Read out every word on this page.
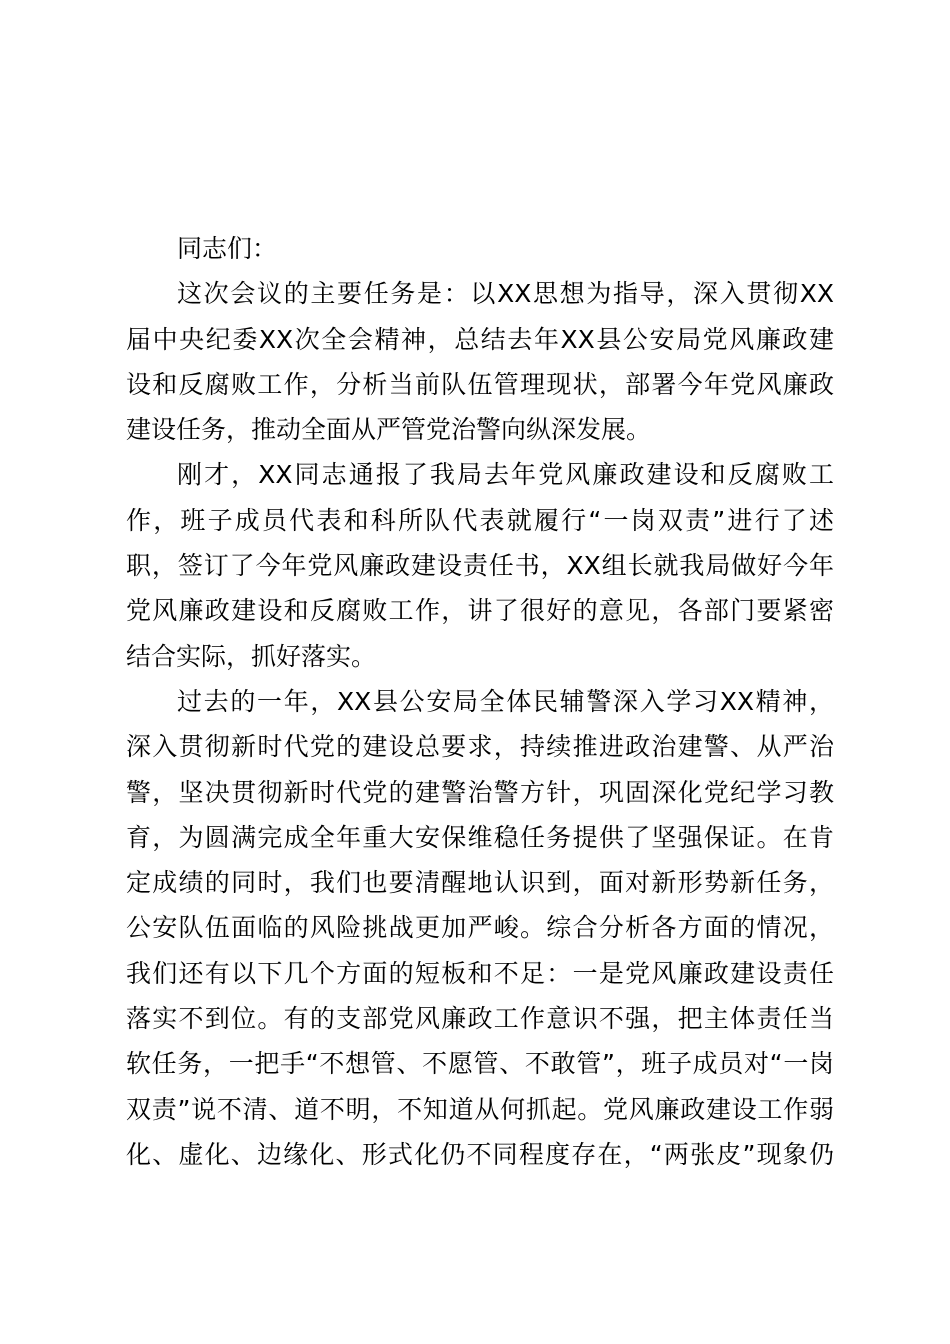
同志们：
这次会议的主要任务是：以XX思想为指导，深入贯彻XX
届中央纪委XX次全会精神，总结去年XX县公安局党风廉政建
设和反腐败工作，分析当前队伍管理现状，部署今年党风廉政
建设任务，推动全面从严管党治警向纵深发展。
刚才，XX同志通报了我局去年党风廉政建设和反腐败工
作，班子成员代表和科所队代表就履行“一岗双责”进行了述
职，签订了今年党风廉政建设责任书，XX组长就我局做好今年
党风廉政建设和反腐败工作，讲了很好的意见，各部门要紧密
结合实际，抓好落实。
过去的一年，XX县公安局全体民辅警深入学习XX精神，
深入贯彻新时代党的建设总要求，持续推进政治建警、从严治
警，坚决贯彻新时代党的建警治警方针，巩固深化党纪学习教
育，为圆满完成全年重大安保维稳任务提供了坚强保证。在肯
定成绩的同时，我们也要清醒地认识到，面对新形势新任务，
公安队伍面临的风险挑战更加严峻。综合分析各方面的情况，
我们还有以下几个方面的短板和不足：一是党风廉政建设责任
落实不到位。有的支部党风廉政工作意识不强，把主体责任当
软任务，一把手“不想管、不愿管、不敢管”，班子成员对“一岗
双责”说不清、道不明，不知道从何抓起。党风廉政建设工作弱
化、虚化、边缘化、形式化仍不同程度存在，“两张皮”现象仍
